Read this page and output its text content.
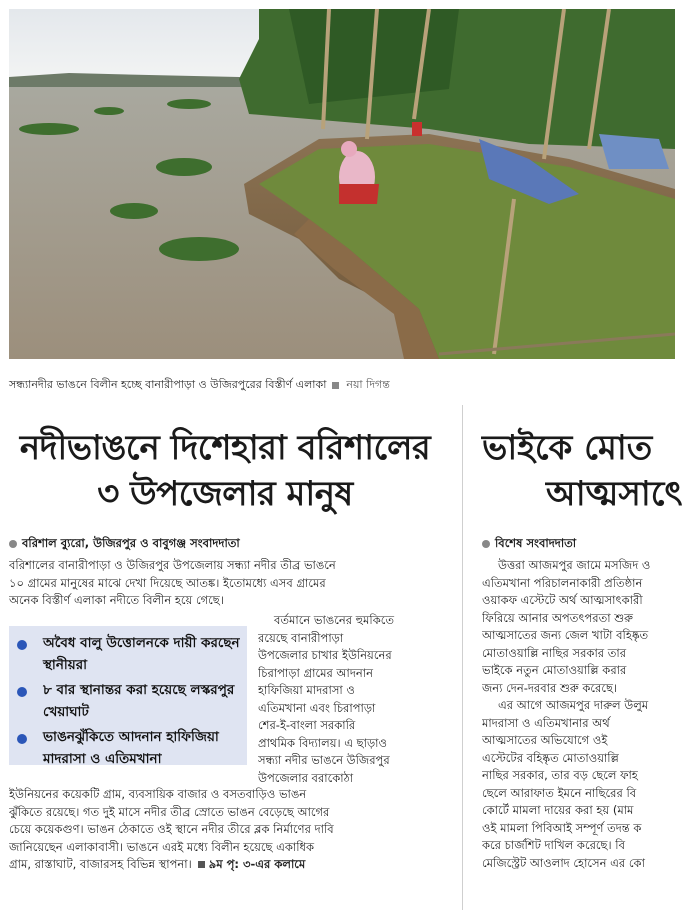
সন্ধ্যানদীর ভাঙনে বিলীন হচ্ছে বানারীপাড়া ও উজিরপুরের বিস্তীর্ণ এলাকা নয়া দিগন্ত
নদীভাঙনে দিশেহারা বরিশালের
৩ উপজেলার মানুষ
বরিশাল ব্যুরো, উজিরপুর ও বাবুগঞ্জ সংবাদদাতা
বরিশালের বানারীপাড়া ও উজিরপুর উপজেলায় সন্ধ্যা নদীর তীব্র ভাঙনে
১০ গ্রামের মানুষের মাঝে দেখা দিয়েছে আতঙ্ক। ইতোমধ্যে এসব গ্রামের
অনেক বিস্তীর্ণ এলাকা নদীতে বিলীন হয়ে গেছে।
অবৈধ বালু উত্তোলনকে দায়ী করছেন স্থানীয়রা
৮ বার স্থানান্তর করা হয়েছে লস্করপুর খেয়াঘাট
ভাঙনঝুঁকিতে আদনান হাফিজিয়া মাদরাসা ও এতিমখানা
বর্তমানে ভাঙনের হুমকিতে
রয়েছে বানারীপাড়া
উপজেলার চাখার ইউনিয়নের
চিরাপাড়া গ্রামের আদনান
হাফিজিয়া মাদরাসা ও
এতিমখানা এবং চিরাপাড়া
শের-ই-বাংলা সরকারি
প্রাথমিক বিদ্যালয়। এ ছাড়াও
সন্ধ্যা নদীর ভাঙনে উজিরপুর
উপজেলার বরাকোঠা
ইউনিয়নের কয়েকটি গ্রাম, ব্যবসায়িক বাজার ও বসতবাড়িও ভাঙন
ঝুঁকিতে রয়েছে। গত দুই মাসে নদীর তীব্র স্রোতে ভাঙন বেড়েছে আগের
চেয়ে কয়েকগুণ। ভাঙন ঠেকাতে ওই স্থানে নদীর তীরে ব্লক নির্মাণের দাবি
জানিয়েছেন এলাকাবাসী। ভাঙনে এরই মধ্যে বিলীন হয়েছে একাধিক
গ্রাম, রাস্তাঘাট, বাজারসহ বিভিন্ন স্থাপনা। ৯ম পৃ: ৩-এর কলামে
ভাইকে মোত
আত্মসাৎে
বিশেষ সংবাদদাতা
উত্তরা আজমপুর জামে মসজিদ ও
এতিমখানা পরিচালনাকারী প্রতিষ্ঠান
ওয়াকফ এস্টেটে অর্থ আত্মসাৎকারী
ফিরিয়ে আনার অপতৎপরতা শুরু
আত্মসাতের জন্য জেল খাটা বহিষ্কৃত
মোতাওয়াল্লি নাছির সরকার তার
ভাইকে নতুন মোতাওয়াল্লি করার
জন্য দেন-দরবার শুরু করেছে।
এর আগে আজমপুর দারুল উলুম
মাদরাসা ও এতিমখানার অর্থ
আত্মসাতের অভিযোগে ওই
এস্টেটের বহিষ্কৃত মোতাওয়াল্লি
নাছির সরকার, তার বড় ছেলে ফাহ
ছেলে আরাফাত ইমনে নাছিরের বি
কোর্টে মামলা দায়ের করা হয় (মাম
ওই মামলা পিবিআই সম্পূর্ণ তদন্ত ক
করে চার্জশিট দাখিল করেছে। বি
মেজিস্ট্রেট আওলাদ হোসেন এর কো
